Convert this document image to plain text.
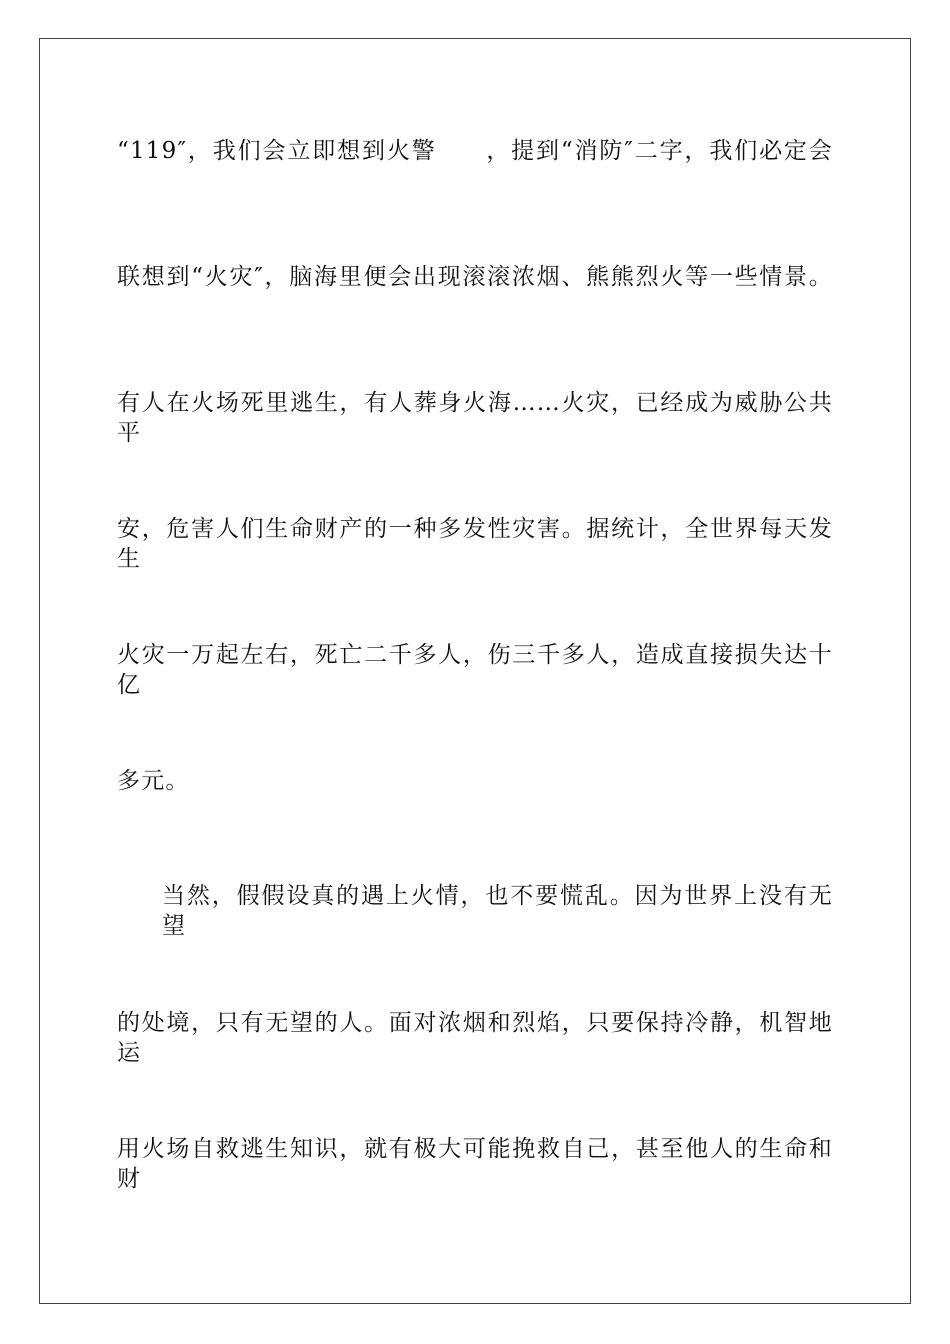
“119″，我们会立即想到火警　　，提到“消防″二字，我们必定会
联想到“火灾″，脑海里便会出现滚滚浓烟、熊熊烈火等一些情景。
有人在火场死里逃生，有人葬身火海……火灾，已经成为威胁公共平
安，危害人们生命财产的一种多发性灾害。据统计，全世界每天发生
火灾一万起左右，死亡二千多人，伤三千多人，造成直接损失达十亿
多元。
当然，假假设真的遇上火情，也不要慌乱。因为世界上没有无望
的处境，只有无望的人。面对浓烟和烈焰，只要保持冷静，机智地运
用火场自救逃生知识，就有极大可能挽救自己，甚至他人的生命和财
